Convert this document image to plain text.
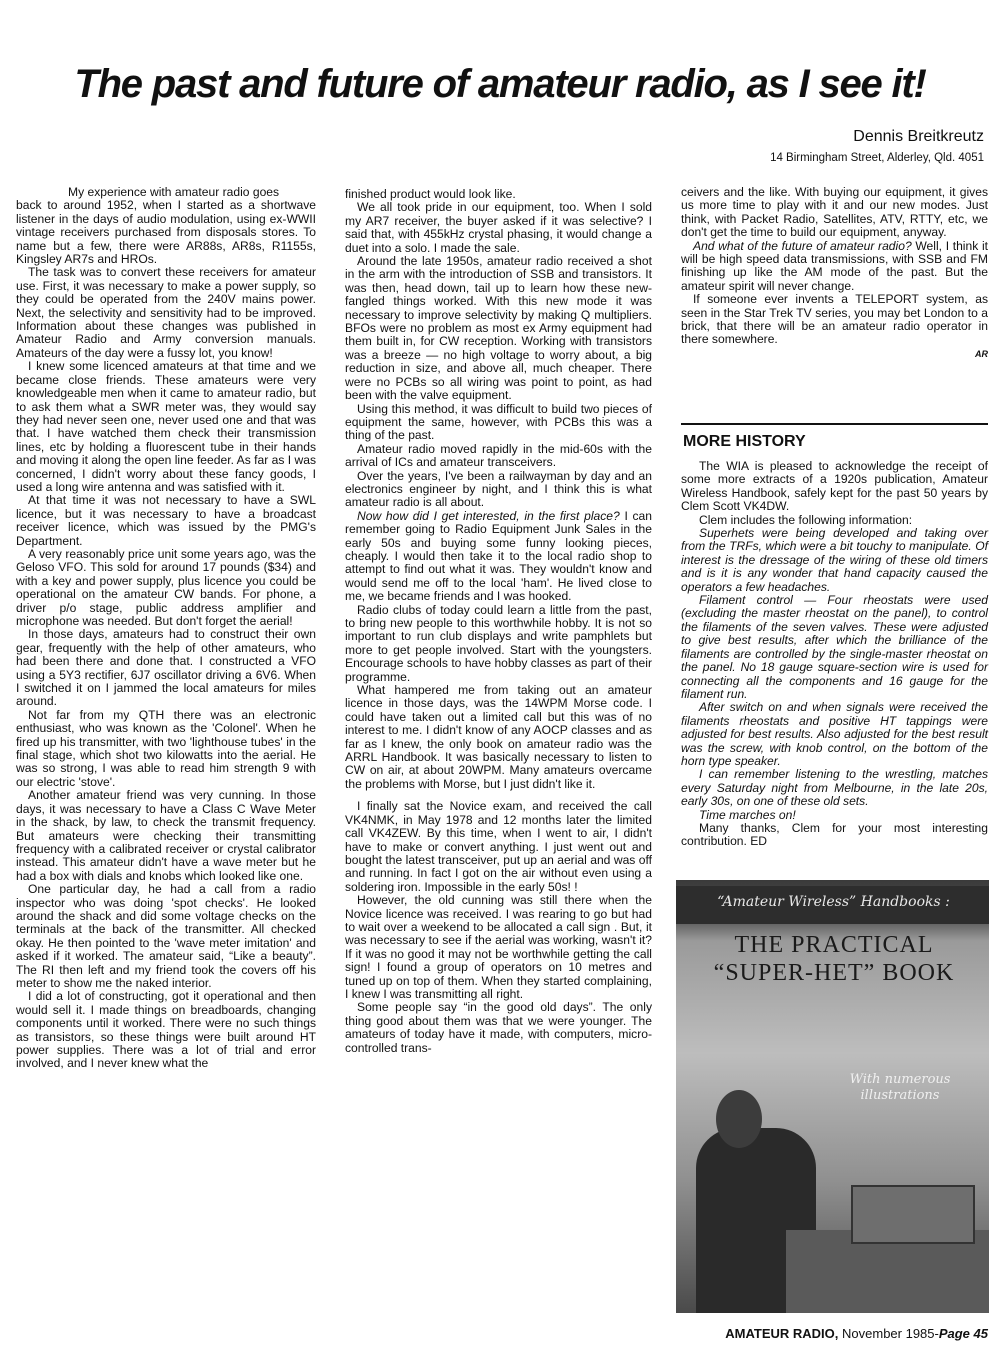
The past and future of amateur radio, as I see it!
Dennis Breitkreutz
14 Birmingham Street, Alderley, Qld. 4051

My experience with amateur radio goes

back to around 1952, when I started as a shortwave listener in the days of audio modulation, using ex-WWII vintage receivers purchased from disposals stores. To name but a few, there were AR88s, AR8s, R1155s, Kingsley AR7s and HROs.

The task was to convert these receivers for amateur use. First, it was necessary to make a power supply, so they could be operated from the 240V mains power. Next, the selectivity and sensitivity had to be improved. Information about these changes was published in Amateur Radio and Army conversion manuals. Amateurs of the day were a fussy lot, you know!

I knew some licenced amateurs at that time and we became close friends. These amateurs were very knowledgeable men when it came to amateur radio, but to ask them what a SWR meter was, they would say they had never seen one, never used one and that was that. I have watched them check their transmission lines, etc by holding a fluorescent tube in their hands and moving it along the open line feeder. As far as I was concerned, I didn't worry about these fancy goods, I used a long wire antenna and was satisfied with it.

At that time it was not necessary to have a SWL licence, but it was necessary to have a broadcast receiver licence, which was issued by the PMG's Department.

A very reasonably price unit some years ago, was the Geloso VFO. This sold for around 17 pounds ($34) and with a key and power supply, plus licence you could be operational on the amateur CW bands. For phone, a driver p/o stage, public address amplifier and microphone was needed. But don't forget the aerial!

In those days, amateurs had to construct their own gear, frequently with the help of other amateurs, who had been there and done that. I constructed a VFO using a 5Y3 rectifier, 6J7 oscillator driving a 6V6. When I switched it on I jammed the local amateurs for miles around.

Not far from my QTH there was an electronic enthusiast, who was known as the 'Colonel'. When he fired up his transmitter, with two 'lighthouse tubes' in the final stage, which shot two kilowatts into the aerial. He was so strong, I was able to read him strength 9 with our electric 'stove'.

Another amateur friend was very cunning. In those days, it was necessary to have a Class C Wave Meter in the shack, by law, to check the transmit frequency. But amateurs were checking their transmitting frequency with a calibrated receiver or crystal calibrator instead. This amateur didn't have a wave meter but he had a box with dials and knobs which looked like one.

One particular day, he had a call from a radio inspector who was doing 'spot checks'. He looked around the shack and did some voltage checks on the terminals at the back of the transmitter. All checked okay. He then pointed to the 'wave meter imitation' and asked if it worked. The amateur said, “Like a beauty”. The RI then left and my friend took the covers off his meter to show me the naked interior.

I did a lot of constructing, got it operational and then would sell it. I made things on breadboards, changing components until it worked. There were no such things as transistors, so these things were built around HT power supplies. There was a lot of trial and error involved, and I never knew what the

finished product would look like.

We all took pride in our equipment, too. When I sold my AR7 receiver, the buyer asked if it was selective? I said that, with 455kHz crystal phasing, it would change a duet into a solo. I made the sale.

Around the late 1950s, amateur radio received a shot in the arm with the introduction of SSB and transistors. It was then, head down, tail up to learn how these new-fangled things worked. With this new mode it was necessary to improve selectivity by making Q multipliers. BFOs were no problem as most ex Army equipment had them built in, for CW reception. Working with transistors was a breeze — no high voltage to worry about, a big reduction in size, and above all, much cheaper. There were no PCBs so all wiring was point to point, as had been with the valve equipment.

Using this method, it was difficult to build two pieces of equipment the same, however, with PCBs this was a thing of the past.

Amateur radio moved rapidly in the mid-60s with the arrival of ICs and amateur transceivers.

Over the years, I've been a railwayman by day and an electronics engineer by night, and I think this is what amateur radio is all about.

Now how did I get interested, in the first place? I can remember going to Radio Equipment Junk Sales in the early 50s and buying some funny looking pieces, cheaply. I would then take it to the local radio shop to attempt to find out what it was. They wouldn't know and would send me off to the local 'ham'. He lived close to me, we became friends and I was hooked.

Radio clubs of today could learn a little from the past, to bring new people to this worthwhile hobby. It is not so important to run club displays and write pamphlets but more to get people involved. Start with the youngsters. Encourage schools to have hobby classes as part of their programme.

What hampered me from taking out an amateur licence in those days, was the 14WPM Morse code. I could have taken out a limited call but this was of no interest to me. I didn't know of any AOCP classes and as far as I knew, the only book on amateur radio was the ARRL Handbook. It was basically necessary to listen to CW on air, at about 20WPM. Many amateurs overcame the problems with Morse, but I just didn't like it.

I finally sat the Novice exam, and received the call VK4NMK, in May 1978 and 12 months later the limited call VK4ZEW. By this time, when I went to air, I didn't have to make or convert anything. I just went out and bought the latest transceiver, put up an aerial and was off and running. In fact I got on the air without even using a soldering iron. Impossible in the early 50s! !

However, the old cunning was still there when the Novice licence was received. I was rearing to go but had to wait over a weekend to be allocated a call sign . But, it was necessary to see if the aerial was working, wasn't it? If it was no good it may not be worthwhile getting the call sign! I found a group of operators on 10 metres and tuned up on top of them. When they started complaining, I knew I was transmitting all right.

Some people say “in the good old days”. The only thing good about them was that we were younger. The amateurs of today have it made, with computers, micro-controlled trans-

ceivers and the like. With buying our equipment, it gives us more time to play with it and our new modes. Just think, with Packet Radio, Satellites, ATV, RTTY, etc, we don't get the time to build our equipment, anyway.

And what of the future of amateur radio? Well, I think it will be high speed data transmissions, with SSB and FM finishing up like the AM mode of the past. But the amateur spirit will never change.

If someone ever invents a TELEPORT system, as seen in the Star Trek TV series, you may bet London to a brick, that there will be an amateur radio operator in there somewhere.

AR
MORE HISTORY

The WIA is pleased to acknowledge the receipt of some more extracts of a 1920s publication, Amateur Wireless Handbook, safely kept for the past 50 years by Clem Scott VK4DW.

Clem includes the following information:

Superhets were being developed and taking over from the TRFs, which were a bit touchy to manipulate. Of interest is the dressage of the wiring of these old timers and is it is any wonder that hand capacity caused the operators a few headaches.

Filament control — Four rheostats were used (excluding the master rheostat on the panel), to control the filaments of the seven valves. These were adjusted to give best results, after which the brilliance of the filaments are controlled by the single-master rheostat on the panel. No 18 gauge square-section wire is used for connecting all the components and 16 gauge for the filament run.

After switch on and when signals were received the filaments rheostats and positive HT tappings were adjusted for best results. Also adjusted for the best result was the screw, with knob control, on the bottom of the horn type speaker.

I can remember listening to the wrestling, matches every Saturday night from Melbourne, in the late 20s, early 30s, on one of these old sets.

Time marches on!

Many thanks, Clem for your most interesting contribution. ED

“Amateur Wireless” Handbooks :
THE PRACTICAL
“SUPER-HET” BOOK
With numerous illustrations
AMATEUR RADIO, November 1985-Page 45
